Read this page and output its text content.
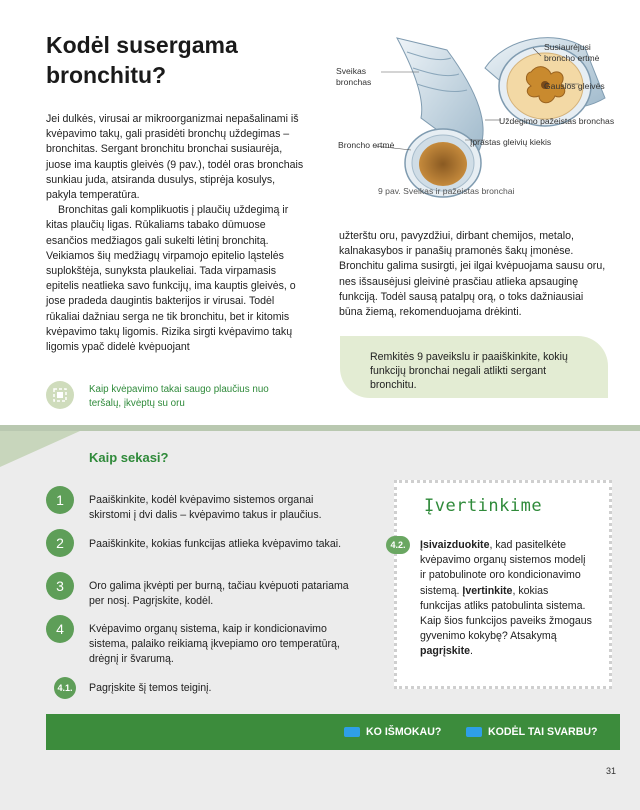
Kodėl susergama bronchitu?

Jei dulkės, virusai ar mikroorganizmai nepašalinami iš kvėpavimo takų, gali prasidėti bronchų uždegimas – bronchitas. Sergant bronchitu bronchai susiaurėja, juose ima kauptis gleivės (9 pav.), todėl oras bronchais sunkiau juda, atsiranda dusulys, stiprėja kosulys, pakyla temperatūra.

Bronchitas gali komplikuotis į plaučių uždegimą ir kitas plaučių ligas. Rūkaliams tabako dūmuose esančios medžiagos gali sukelti lėtinį bronchitą. Veikiamos šių medžiagų virpamojo epitelio ląstelės suplokštėja, sunyksta plaukeliai. Tada virpamasis epitelis neatlieka savo funkcijų, ima kauptis gleivės, o jose pradeda daugintis bakterijos ir virusai. Todėl rūkaliai dažniau serga ne tik bronchitu, bet ir kitomis kvėpavimo takų ligomis. Rizika sirgti kvėpavimo takų ligomis ypač didelė kvėpuojant

Sveikas bronchas
Broncho ertmė
Susiaurėjusi broncho ertmė
Gausios gleivės
Uždegimo pažeistas bronchas
Įprastas gleivių kiekis
9 pav. Sveikas ir pažeistas bronchai

užterštu oru, pavyzdžiui, dirbant chemijos, metalo, kalnakasybos ir panašių pramonės šakų įmonėse. Bronchitu galima susirgti, jei ilgai kvėpuojama sausu oru, nes išsausėjusi gleivinė prasčiau atlieka apsauginę funkciją. Todėl sausą patalpų orą, o toks dažniausiai būna žiemą, rekomenduojama drėkinti.

Remkitės 9 paveikslu ir paaiškinkite, kokių funkcijų bronchai negali atlikti sergant bronchitu.
Kaip kvėpavimo takai saugo plaučius nuo teršalų, įkvėptų su oru
Kaip sekasi?
1	Paaiškinkite, kodėl kvėpavimo sistemos organai skirstomi į dvi dalis – kvėpavimo takus ir plaučius.
2	Paaiškinkite, kokias funkcijas atlieka kvėpavimo takai.
3	Oro galima įkvėpti per burną, tačiau kvėpuoti patariama per nosį. Pagrįskite, kodėl.
4	Kvėpavimo organų sistema, kaip ir kondicionavimo sistema, palaiko reikiamą įkvepiamo oro temperatūrą, drėgnį ir švarumą.
4.1.	Pagrįskite šį temos teiginį.
Įvertinkime
4.2.	Įsivaizduokite, kad pasitelkėte kvėpavimo organų sistemos modelį ir patobulinote oro kondicionavimo sistemą. Įvertinkite, kokias funkcijas atliks patobulinta sistema. Kaip šios funkcijos paveiks žmogaus gyvenimo kokybę? Atsakymą pagrįskite.
KO IŠMOKAU?	KODĖL TAI SVARBU?
31
